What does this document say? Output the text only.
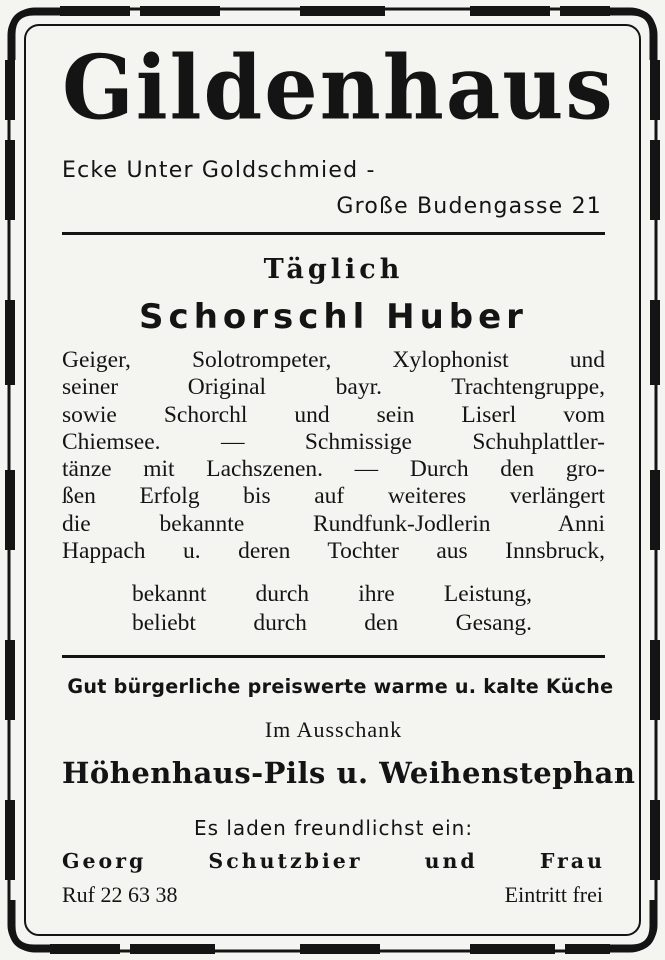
Gildenhaus
Ecke Unter Goldschmied -
Große Budengasse 21
Täglich
Schorschl Huber
Geiger, Solotrompeter, Xylophonist und
seiner Original bayr. Trachtengruppe,
sowie Schorchl und sein Liserl vom
Chiemsee. — Schmissige Schuhplattler-
tänze mit Lachszenen. — Durch den gro-
ßen Erfolg bis auf weiteres verlängert
die bekannte Rundfunk-Jodlerin Anni
Happach u. deren Tochter aus Innsbruck,
bekannt durch ihre Leistung,
beliebt durch den Gesang.
Gut bürgerliche preiswerte warme u. kalte Küche
Im Ausschank
Höhenhaus-Pils u. Weihenstephan
Es laden freundlichst ein:
Georg Schutzbier und Frau
Ruf 22 63 38	Eintritt frei
